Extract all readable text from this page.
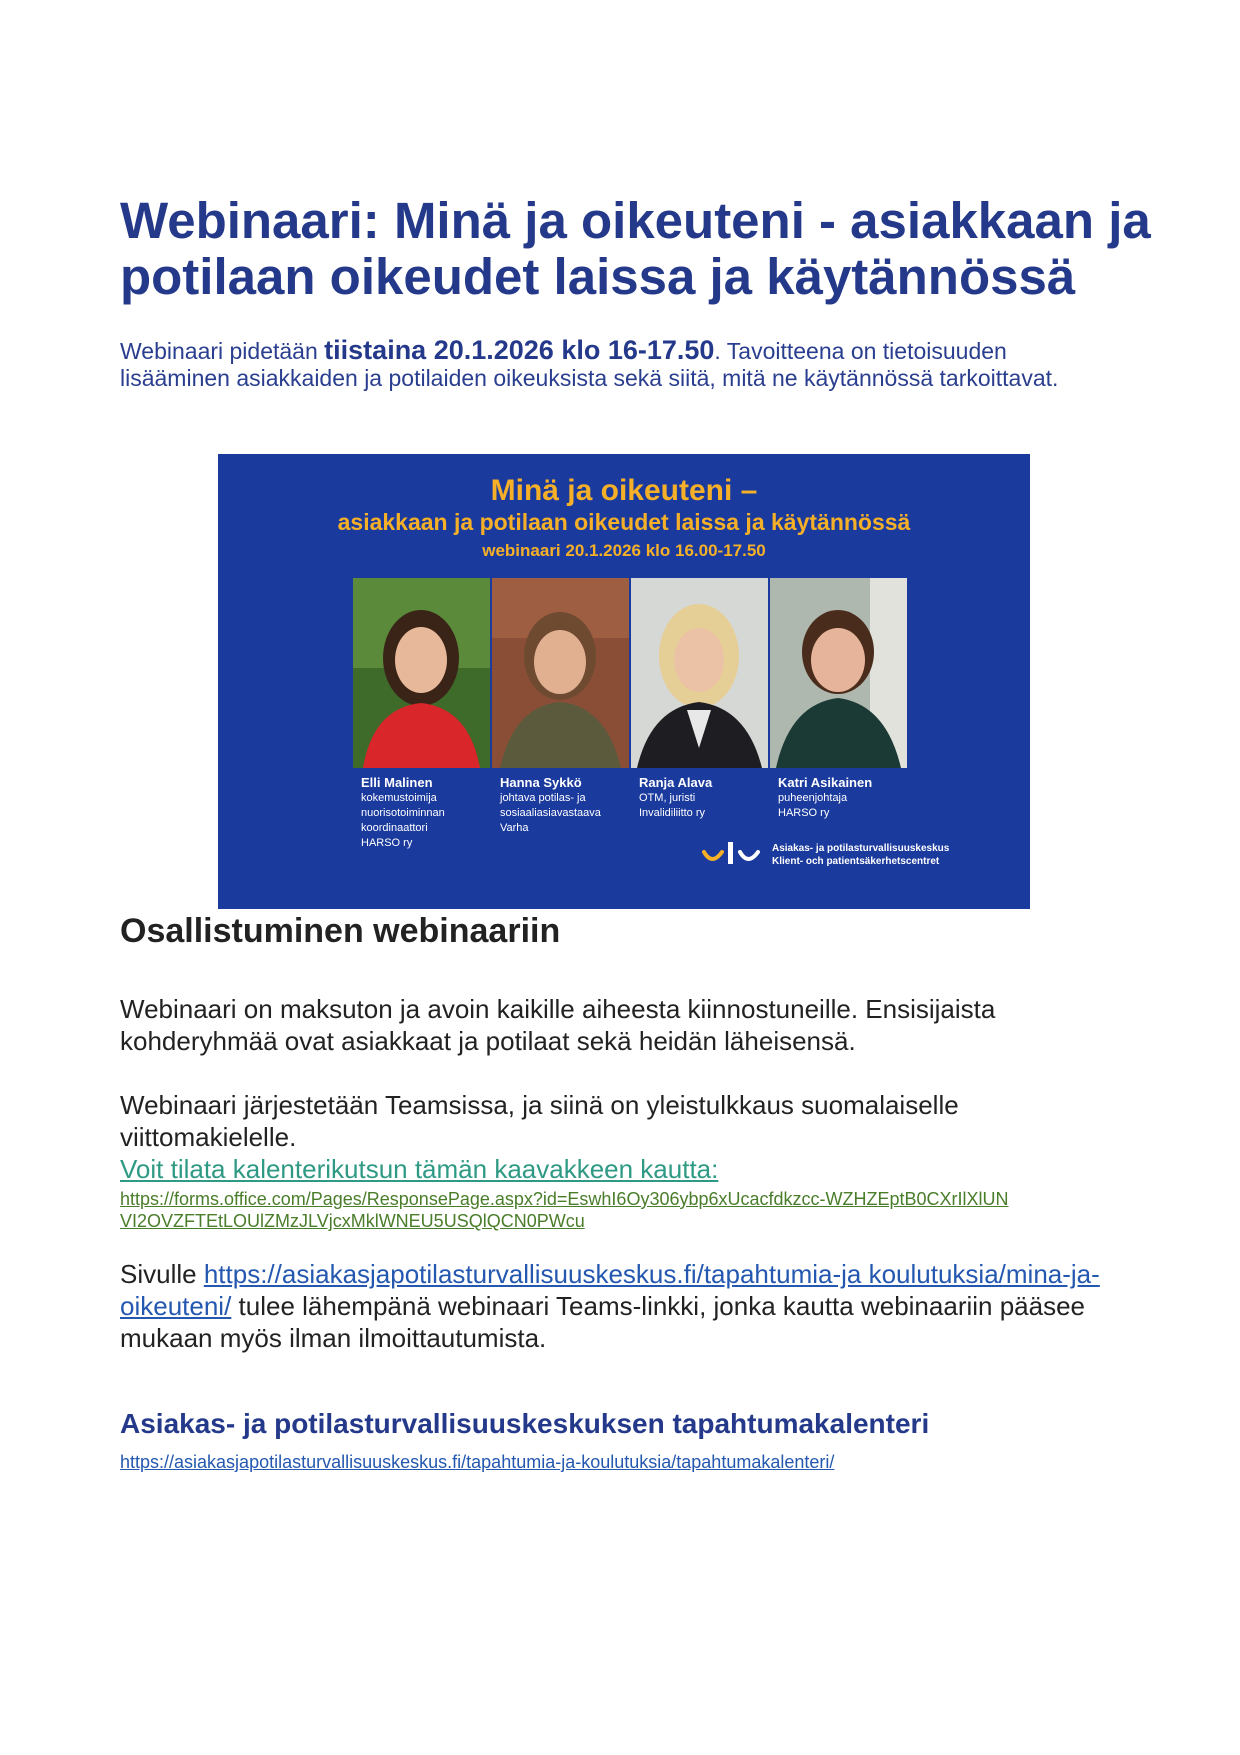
Webinaari: Minä ja oikeuteni - asiakkaan ja potilaan oikeudet laissa ja käytännössä

Webinaari pidetään tiistaina 20.1.2026 klo 16-17.50. Tavoitteena on tietoisuuden lisääminen asiakkaiden ja potilaiden oikeuksista sekä siitä, mitä ne käytännössä tarkoittavat.

Minä ja oikeuteni –
asiakkaan ja potilaan oikeudet laissa ja käytännössä
webinaari 20.1.2026 klo 16.00-17.50
Elli Malinen
kokemustoimija
nuorisotoiminnan
koordinaattori
HARSO ry
Hanna Sykkö
johtava potilas- ja
sosiaaliasiavastaava
Varha
Ranja Alava
OTM, juristi
Invalidiliitto ry
Katri Asikainen
puheenjohtaja
HARSO ry
Asiakas- ja potilasturvallisuuskeskus
Klient- och patientsäkerhetscentret
Osallistuminen webinaariin

Webinaari on maksuton ja avoin kaikille aiheesta kiinnostuneille. Ensisijaista kohderyhmää ovat asiakkaat ja potilaat sekä heidän läheisensä.

Webinaari järjestetään Teamsissa, ja siinä on yleistulkkaus suomalaiselle viittomakielelle.

Voit tilata kalenterikutsun tämän kaavakkeen kautta:
https://forms.office.com/Pages/ResponsePage.aspx?id=EswhI6Oy306ybp6xUcacfdkzcc-WZHZEptB0CXrIlXlUNVI2OVZFTEtLOUlZMzJLVjcxMklWNEU5USQlQCN0PWcu

Sivulle https://asiakasjapotilasturvallisuuskeskus.fi/tapahtumia-ja koulutuksia/mina-ja-oikeuteni/ tulee lähempänä webinaari Teams-linkki, jonka kautta webinaariin pääsee mukaan myös ilman ilmoittautumista.

Asiakas- ja potilasturvallisuuskeskuksen tapahtumakalenteri
https://asiakasjapotilasturvallisuuskeskus.fi/tapahtumia-ja-koulutuksia/tapahtumakalenteri/
